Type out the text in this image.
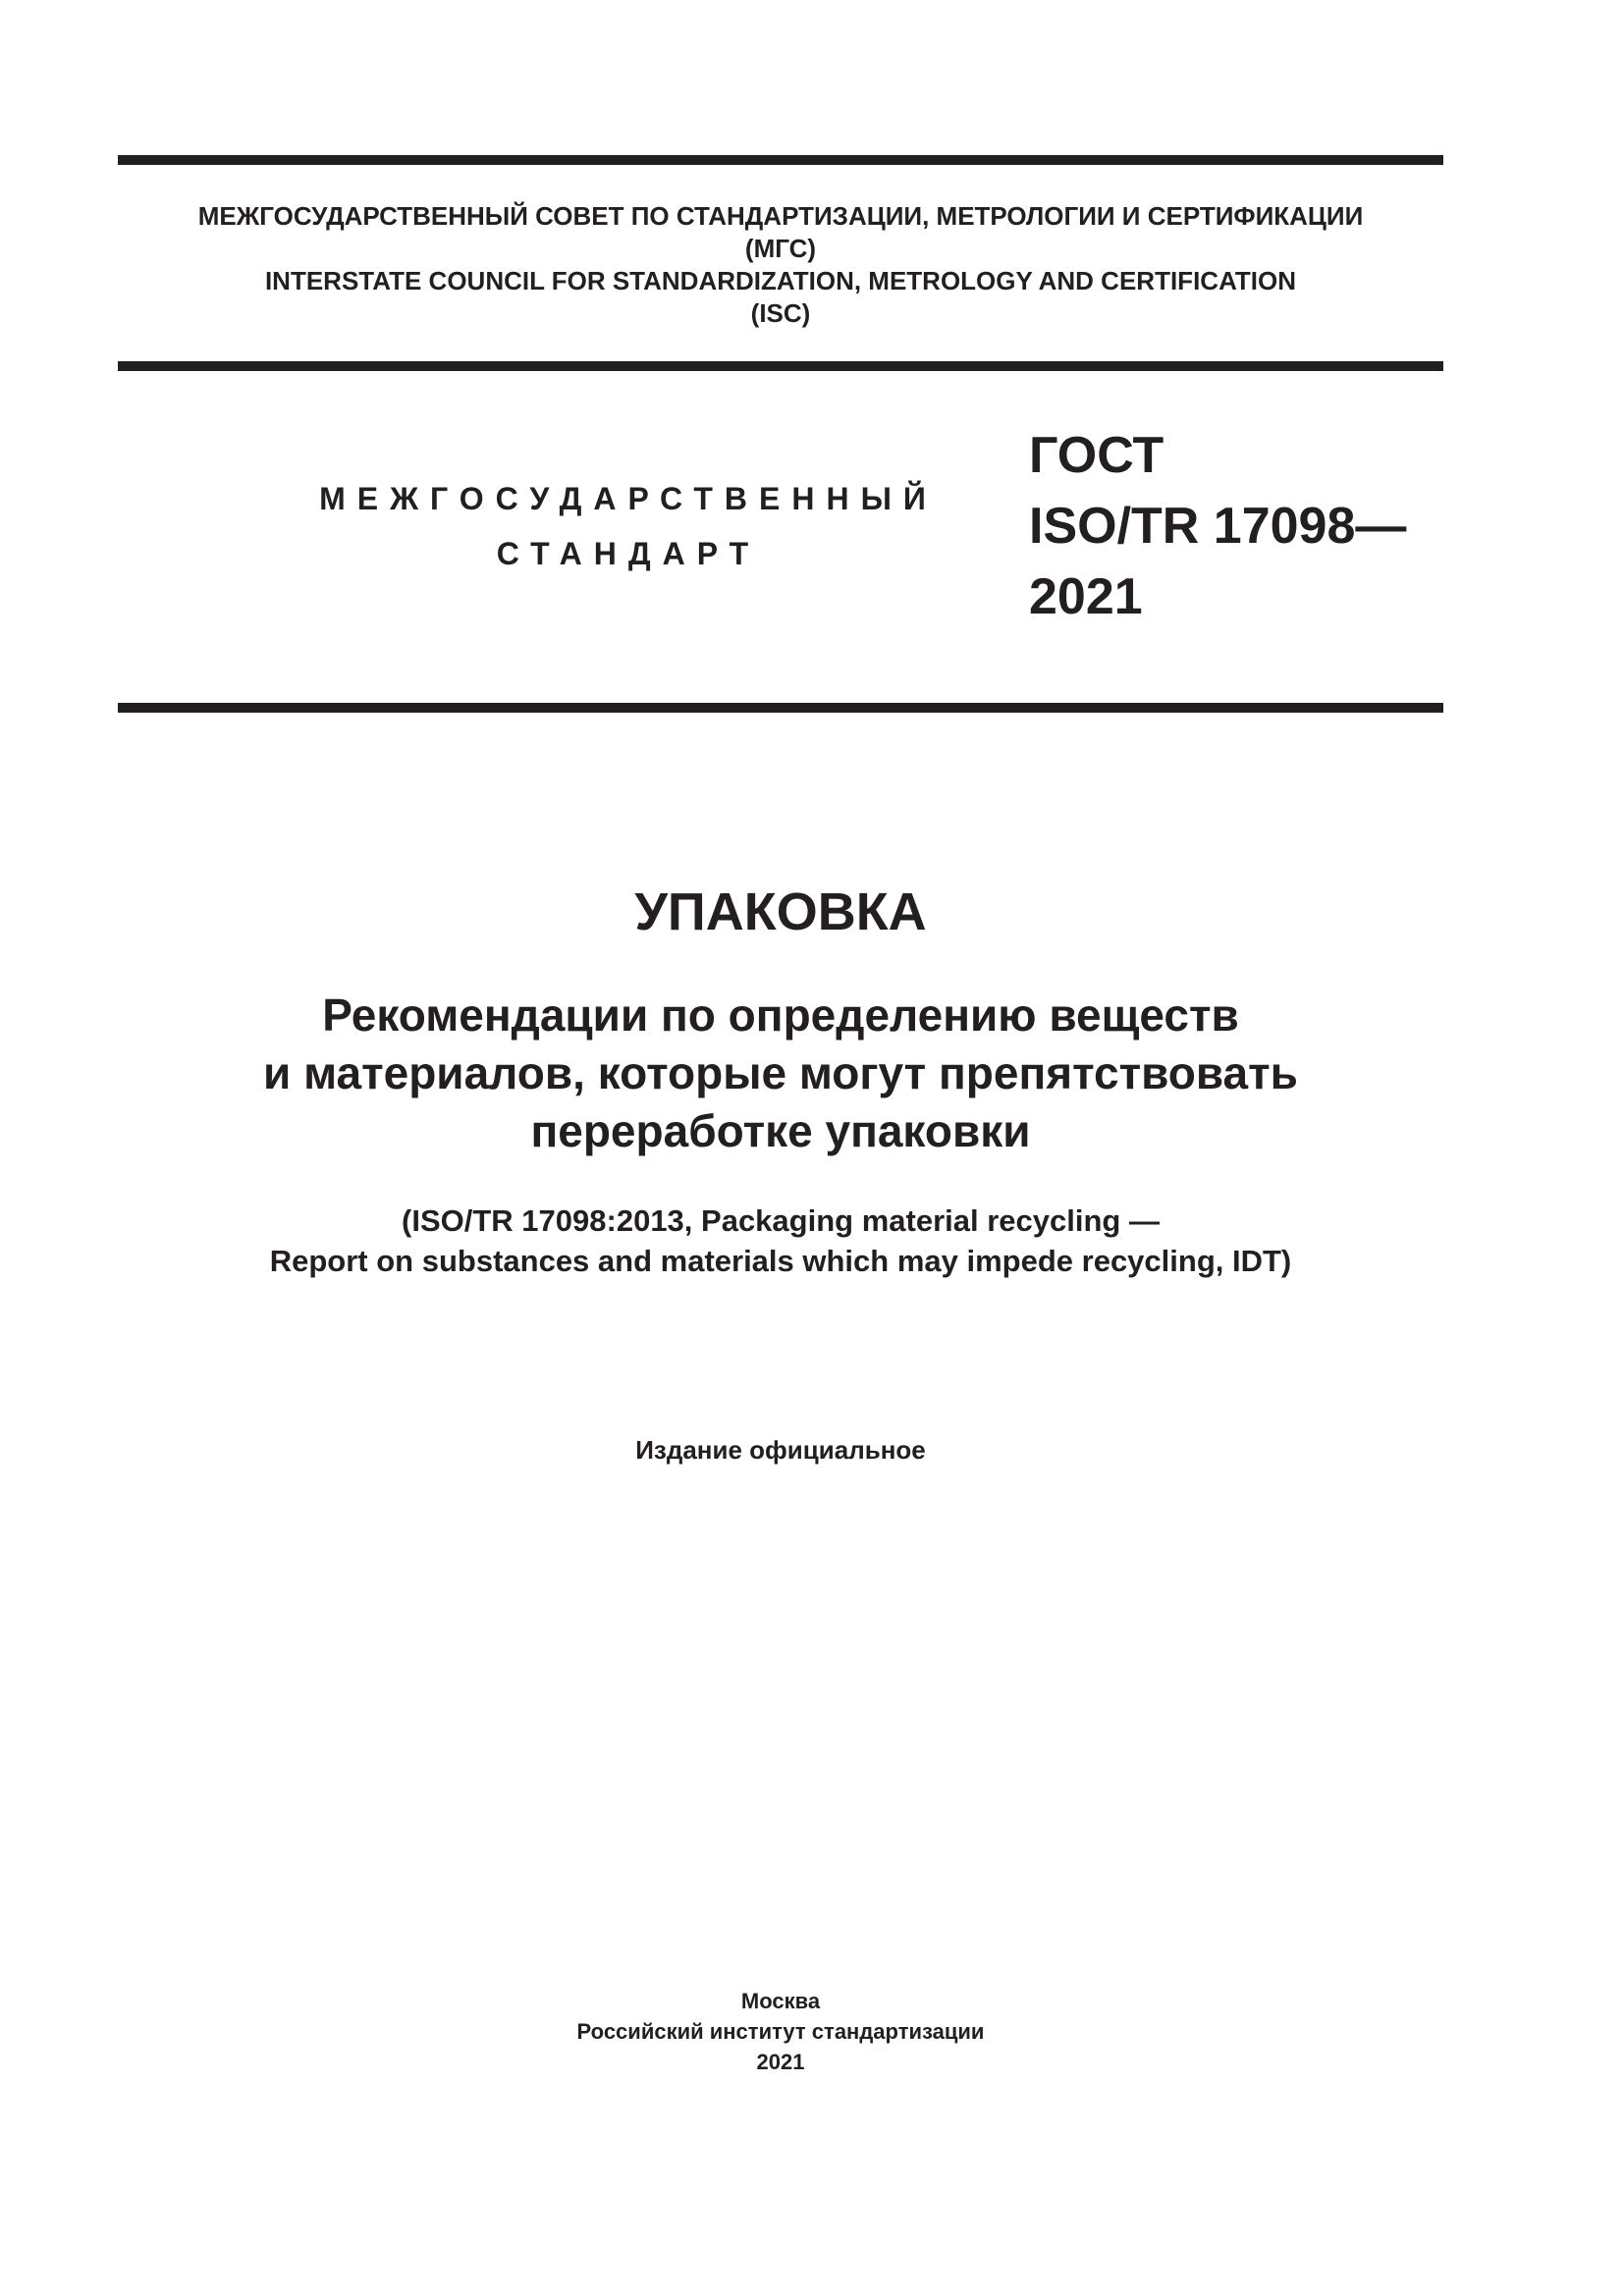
МЕЖГОСУДАРСТВЕННЫЙ СОВЕТ ПО СТАНДАРТИЗАЦИИ, МЕТРОЛОГИИ И СЕРТИФИКАЦИИ
(МГС)
INTERSTATE COUNCIL FOR STANDARDIZATION, METROLOGY AND CERTIFICATION
(ISC)
МЕЖГОСУДАРСТВЕННЫЙ
СТАНДАРТ
ГОСТ
ISO/TR 17098—
2021
УПАКОВКА
Рекомендации по определению веществ
и материалов, которые могут препятствовать
переработке упаковки
(ISO/TR 17098:2013, Packaging material recycling —
Report on substances and materials which may impede recycling, IDT)
Издание официальное
Москва
Российский институт стандартизации
2021
